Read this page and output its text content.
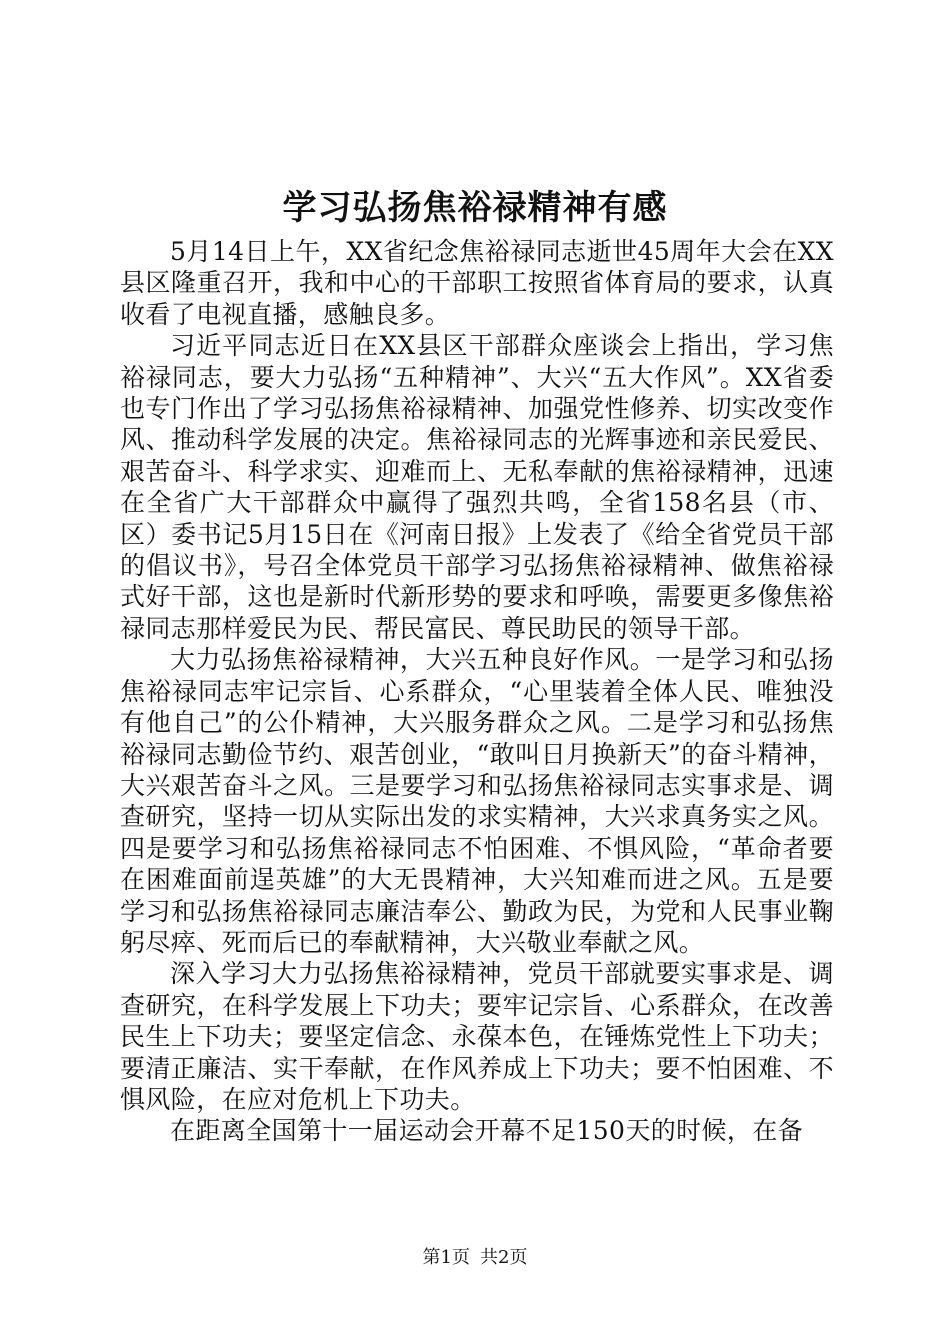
学习弘扬焦裕禄精神有感

5月14日上午，XX省纪念焦裕禄同志逝世45周年大会在XX县区隆重召开，我和中心的干部职工按照省体育局的要求，认真收看了电视直播，感触良多。

习近平同志近日在XX县区干部群众座谈会上指出，学习焦裕禄同志，要大力弘扬“五种精神”、大兴“五大作风”。XX省委也专门作出了学习弘扬焦裕禄精神、加强党性修养、切实改变作风、推动科学发展的决定。焦裕禄同志的光辉事迹和亲民爱民、艰苦奋斗、科学求实、迎难而上、无私奉献的焦裕禄精神，迅速在全省广大干部群众中赢得了强烈共鸣，全省158名县（市、区）委书记5月15日在《河南日报》上发表了《给全省党员干部的倡议书》，号召全体党员干部学习弘扬焦裕禄精神、做焦裕禄式好干部，这也是新时代新形势的要求和呼唤，需要更多像焦裕禄同志那样爱民为民、帮民富民、尊民助民的领导干部。

大力弘扬焦裕禄精神，大兴五种良好作风。一是学习和弘扬焦裕禄同志牢记宗旨、心系群众，“心里装着全体人民、唯独没有他自己”的公仆精神，大兴服务群众之风。二是学习和弘扬焦裕禄同志勤俭节约、艰苦创业，“敢叫日月换新天”的奋斗精神，大兴艰苦奋斗之风。三是要学习和弘扬焦裕禄同志实事求是、调查研究，坚持一切从实际出发的求实精神，大兴求真务实之风。四是要学习和弘扬焦裕禄同志不怕困难、不惧风险，“革命者要在困难面前逞英雄”的大无畏精神，大兴知难而进之风。五是要学习和弘扬焦裕禄同志廉洁奉公、勤政为民，为党和人民事业鞠躬尽瘁、死而后已的奉献精神，大兴敬业奉献之风。

深入学习大力弘扬焦裕禄精神，党员干部就要实事求是、调查研究，在科学发展上下功夫；要牢记宗旨、心系群众，在改善民生上下功夫；要坚定信念、永葆本色，在锤炼党性上下功夫；要清正廉洁、实干奉献，在作风养成上下功夫；要不怕困难、不惧风险，在应对危机上下功夫。

在距离全国第十一届运动会开幕不足150天的时候，在备

第1页 共2页
